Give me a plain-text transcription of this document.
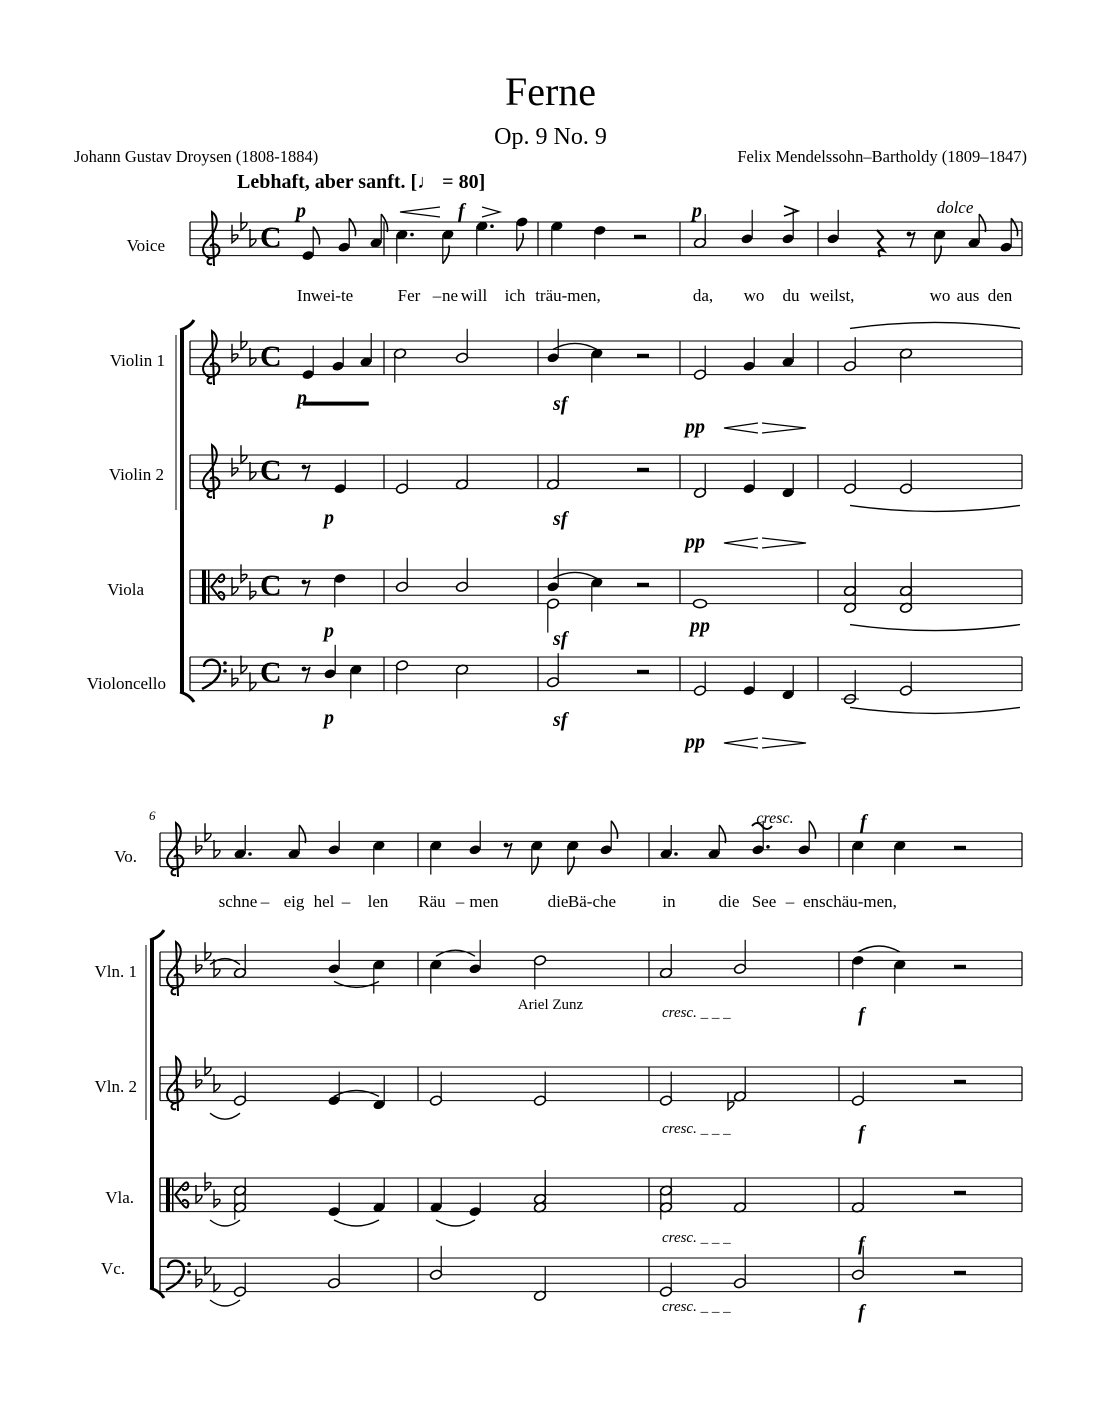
Ferne
Op. 9 No. 9
Johann Gustav Droysen (1808-1884)	Felix Mendelssohn–Bartholdy (1809–1847)
Lebhaft, aber sanft. [♩ = 80]
Ariel Zunz
C
Voice
C
Violin 1
C
Violin 2
C
Viola
C
Violoncello
p	f	p	dolce
In wei-te	Fer – ne will ich träu-men,	da, wo du weilst,	wo aus den
p	sf
pp
p	sf
pp
p	sf
pp
p	sf
pp
6
Vo.
Vln. 1
Vln. 2
Vla.
Vc.
cresc.	f
schne – eig hel – len Räu – men	die Bä-che	in	die See – en schäu-men,
cresc. _ _ _	f
cresc. _ _ _	f
cresc. _ _ _	f
cresc. _ _ _	f
